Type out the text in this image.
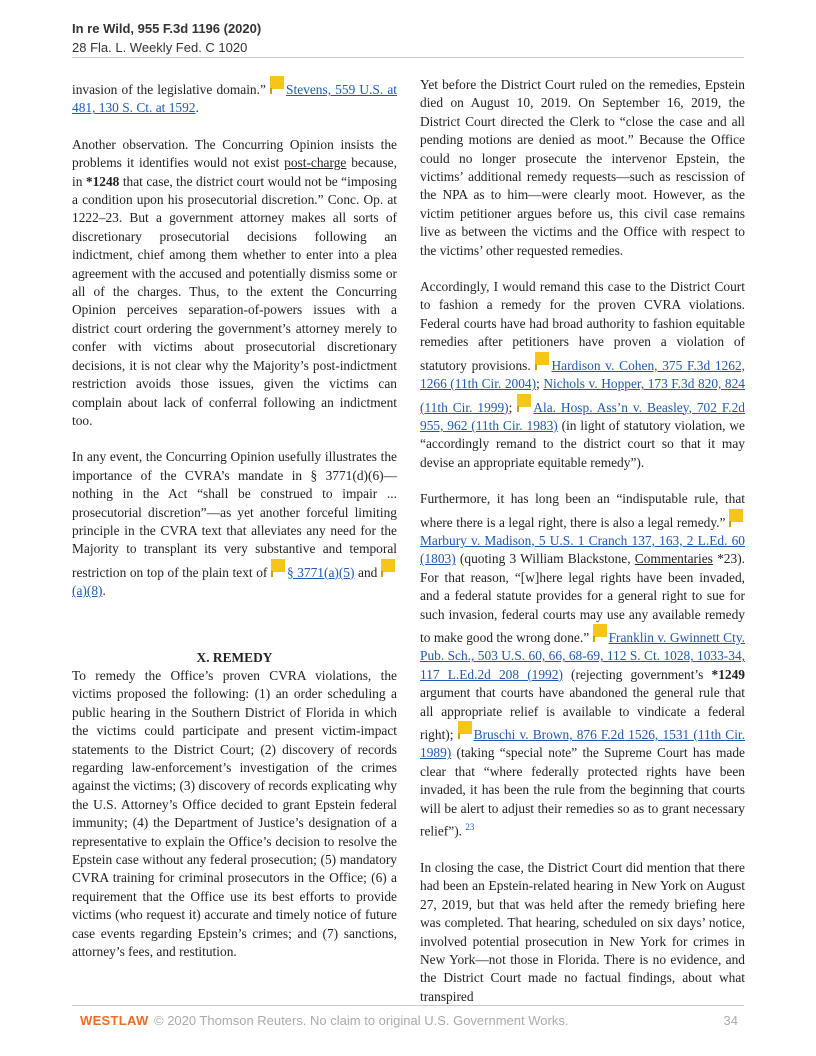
In re Wild, 955 F.3d 1196 (2020)
28 Fla. L. Weekly Fed. C 1020

invasion of the legislative domain.” Stevens, 559 U.S. at 481, 130 S. Ct. at 1592.

Another observation. The Concurring Opinion insists the problems it identifies would not exist post-charge because, in *1248 that case, the district court would not be “imposing a condition upon his prosecutorial discretion.” Conc. Op. at 1222–23. But a government attorney makes all sorts of discretionary prosecutorial decisions following an indictment, chief among them whether to enter into a plea agreement with the accused and potentially dismiss some or all of the charges. Thus, to the extent the Concurring Opinion perceives separation-of-powers issues with a district court ordering the government’s attorney merely to confer with victims about prosecutorial discretionary decisions, it is not clear why the Majority’s post-indictment restriction avoids those issues, given the victims can complain about lack of conferral following an indictment too.

In any event, the Concurring Opinion usefully illustrates the importance of the CVRA’s mandate in § 3771(d)(6)—nothing in the Act “shall be construed to impair ... prosecutorial discretion”—as yet another forceful limiting principle in the CVRA text that alleviates any need for the Majority to transplant its very substantive and temporal restriction on top of the plain text of § 3771(a)(5) and (a)(8).

X. REMEDY

To remedy the Office’s proven CVRA violations, the victims proposed the following: (1) an order scheduling a public hearing in the Southern District of Florida in which the victims could participate and present victim-impact statements to the District Court; (2) discovery of records regarding law-enforcement’s investigation of the crimes against the victims; (3) discovery of records explicating why the U.S. Attorney’s Office decided to grant Epstein federal immunity; (4) the Department of Justice’s designation of a representative to explain the Office’s decision to resolve the Epstein case without any federal prosecution; (5) mandatory CVRA training for criminal prosecutors in the Office; (6) a requirement that the Office use its best efforts to provide victims (who request it) accurate and timely notice of future case events regarding Epstein’s crimes; and (7) sanctions, attorney’s fees, and restitution.

Yet before the District Court ruled on the remedies, Epstein died on August 10, 2019. On September 16, 2019, the District Court directed the Clerk to “close the case and all pending motions are denied as moot.” Because the Office could no longer prosecute the intervenor Epstein, the victims’ additional remedy requests—such as rescission of the NPA as to him—were clearly moot. However, as the victim petitioner argues before us, this civil case remains live as between the victims and the Office with respect to the victims’ other requested remedies.

Accordingly, I would remand this case to the District Court to fashion a remedy for the proven CVRA violations. Federal courts have had broad authority to fashion equitable remedies after petitioners have proven a violation of statutory provisions. Hardison v. Cohen, 375 F.3d 1262, 1266 (11th Cir. 2004); Nichols v. Hopper, 173 F.3d 820, 824 (11th Cir. 1999); Ala. Hosp. Ass’n v. Beasley, 702 F.2d 955, 962 (11th Cir. 1983) (in light of statutory violation, we “accordingly remand to the district court so that it may devise an appropriate equitable remedy”).

Furthermore, it has long been an “indisputable rule, that where there is a legal right, there is also a legal remedy.” Marbury v. Madison, 5 U.S. 1 Cranch 137, 163, 2 L.Ed. 60 (1803) (quoting 3 William Blackstone, Commentaries *23). For that reason, “[w]here legal rights have been invaded, and a federal statute provides for a general right to sue for such invasion, federal courts may use any available remedy to make good the wrong done.” Franklin v. Gwinnett Cty. Pub. Sch., 503 U.S. 60, 66, 68-69, 112 S. Ct. 1028, 1033-34, 117 L.Ed.2d 208 (1992) (rejecting government’s *1249 argument that courts have abandoned the general rule that all appropriate relief is available to vindicate a federal right); Bruschi v. Brown, 876 F.2d 1526, 1531 (11th Cir. 1989) (taking “special note” the Supreme Court has made clear that “where federally protected rights have been invaded, it has been the rule from the beginning that courts will be alert to adjust their remedies so as to grant necessary relief”). $^{23}$

In closing the case, the District Court did mention that there had been an Epstein-related hearing in New York on August 27, 2019, but that was held after the remedy briefing here was completed. That hearing, scheduled on six days’ notice, involved potential prosecution in New York for crimes in New York—not those in Florida. There is no evidence, and the District Court made no factual findings, about what transpired

WESTLAW © 2020 Thomson Reuters. No claim to original U.S. Government Works.	34
